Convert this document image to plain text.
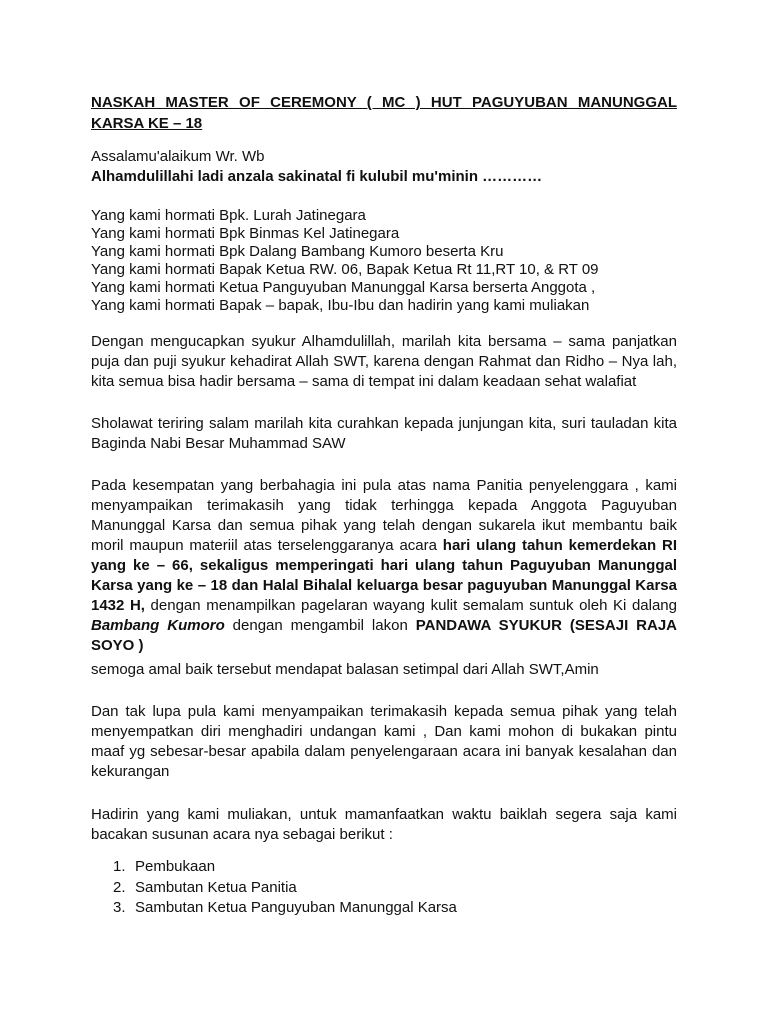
NASKAH MASTER OF CEREMONY ( MC ) HUT PAGUYUBAN MANUNGGAL KARSA KE – 18
Assalamu'alaikum Wr. Wb
Alhamdulillahi ladi anzala sakinatal fi kulubil mu'minin …………
Yang kami hormati Bpk. Lurah Jatinegara
Yang kami hormati Bpk Binmas Kel Jatinegara
Yang kami hormati Bpk Dalang Bambang Kumoro beserta Kru
Yang kami hormati Bapak Ketua RW. 06, Bapak Ketua Rt 11,RT 10, & RT 09
Yang kami hormati Ketua Panguyuban Manunggal Karsa berserta Anggota ,
Yang kami hormati Bapak – bapak, Ibu-Ibu dan hadirin yang kami muliakan
Dengan mengucapkan syukur Alhamdulillah, marilah kita bersama – sama panjatkan puja dan puji syukur kehadirat Allah SWT, karena dengan Rahmat dan Ridho – Nya lah, kita semua bisa hadir bersama – sama di tempat ini dalam keadaan sehat walafiat
Sholawat teriring salam marilah kita curahkan kepada junjungan kita, suri tauladan kita Baginda Nabi Besar Muhammad SAW
Pada kesempatan yang berbahagia ini pula atas nama Panitia penyelenggara , kami menyampaikan terimakasih yang tidak terhingga kepada Anggota Paguyuban Manunggal Karsa dan semua pihak yang telah dengan sukarela ikut membantu baik moril maupun materiil atas terselenggaranya acara hari ulang tahun kemerdekan RI yang ke – 66, sekaligus memperingati hari ulang tahun Paguyuban Manunggal Karsa yang ke – 18 dan Halal Bihalal keluarga besar paguyuban Manunggal Karsa 1432 H, dengan menampilkan pagelaran wayang kulit semalam suntuk oleh Ki dalang Bambang Kumoro dengan mengambil lakon PANDAWA SYUKUR (SESAJI RAJA SOYO )
semoga amal baik tersebut mendapat balasan setimpal dari Allah SWT,Amin
Dan tak lupa pula kami menyampaikan terimakasih kepada semua pihak yang telah menyempatkan diri menghadiri undangan kami , Dan kami mohon di bukakan pintu maaf yg sebesar-besar apabila dalam penyelengaraan acara ini banyak kesalahan dan kekurangan
Hadirin yang kami muliakan, untuk mamanfaatkan waktu baiklah segera saja kami bacakan susunan acara nya sebagai berikut :
1. Pembukaan
2. Sambutan Ketua Panitia
3. Sambutan Ketua Panguyuban Manunggal Karsa
